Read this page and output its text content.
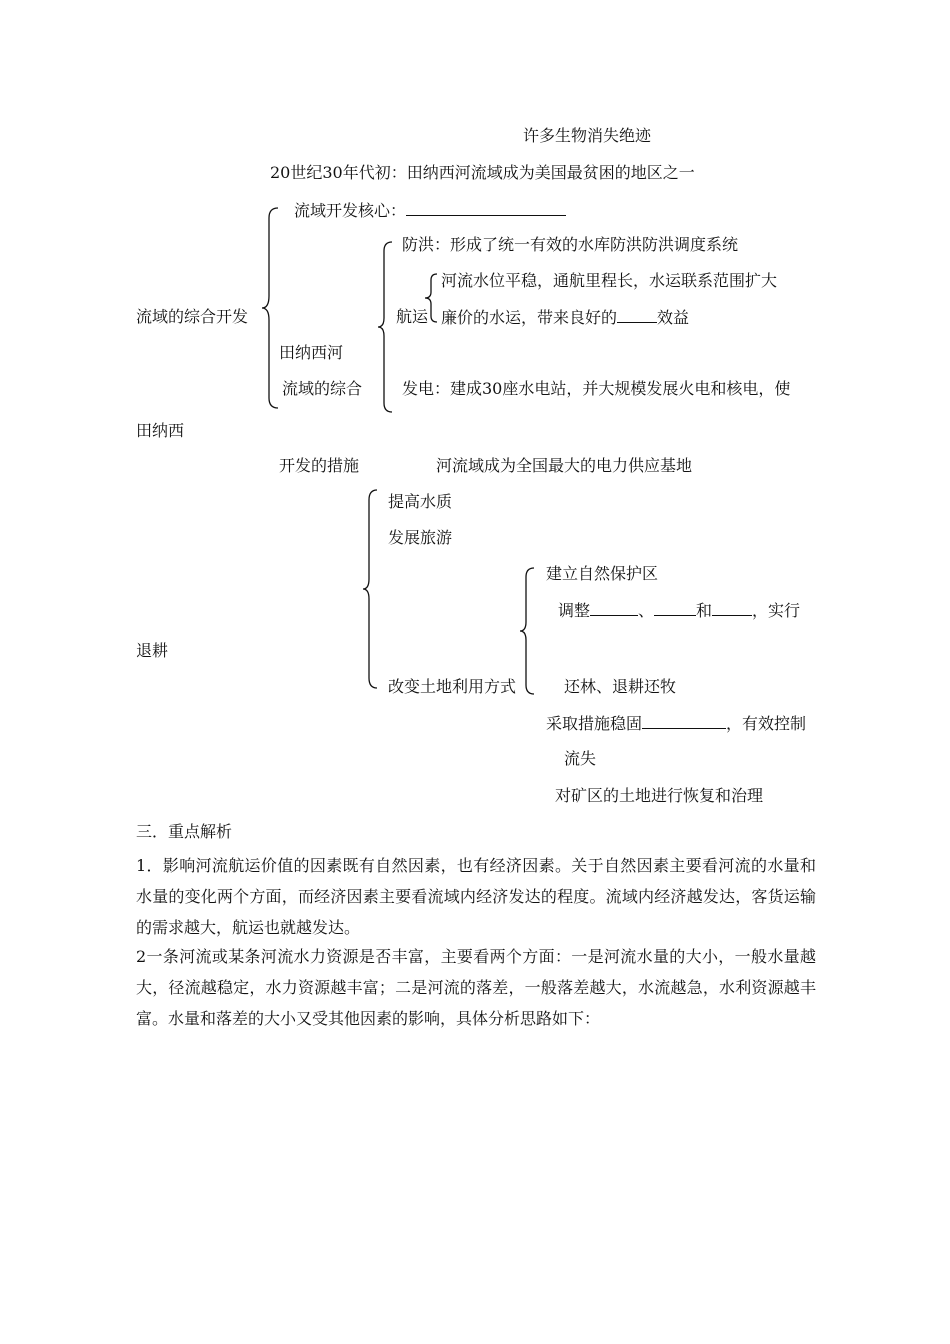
许多生物消失绝迹
20世纪30年代初：田纳西河流域成为美国最贫困的地区之一
流域开发核心：
流域的综合开发
防洪：形成了统一有效的水库防洪防洪调度系统
航运
河流水位平稳，通航里程长，水运联系范围扩大
廉价的水运，带来良好的	效益
田纳西河
流域的综合 发电：建成30座水电站，并大规模发展火电和核电，使
田纳西
开发的措施	河流域成为全国最大的电力供应基地
提高水质
发展旅游
建立自然保护区
调整	、	和	，实行
退耕
改变土地利用方式	还林、退耕还牧
采取措施稳固	，有效控制
流失
对矿区的土地进行恢复和治理
三．重点解析
1．影响河流航运价值的因素既有自然因素，也有经济因素。关于自然因素主要看河流的水量和水量的变化两个方面，而经济因素主要看流域内经济发达的程度。流域内经济越发达，客货运输的需求越大，航运也就越发达。
2一条河流或某条河流水力资源是否丰富，主要看两个方面：一是河流水量的大小，一般水量越大，径流越稳定，水力资源越丰富；二是河流的落差，一般落差越大，水流越急，水利资源越丰富。水量和落差的大小又受其他因素的影响，具体分析思路如下：
